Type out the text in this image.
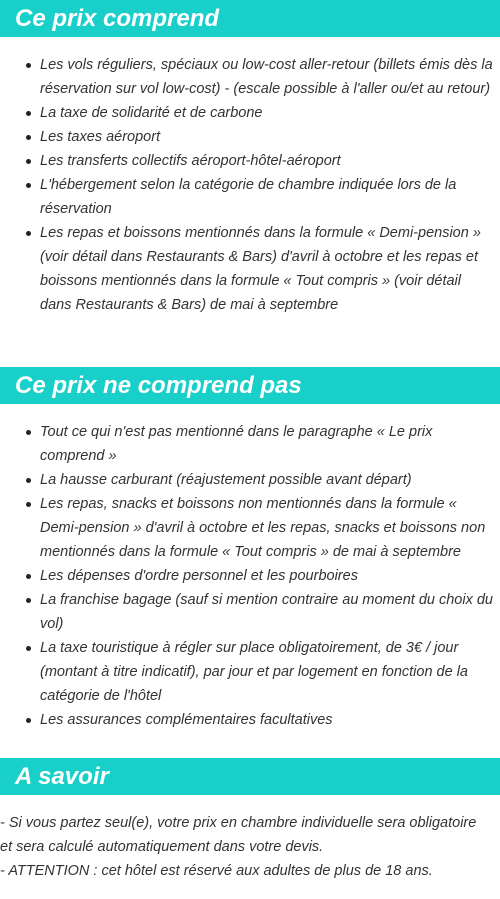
Ce prix comprend
Les vols réguliers, spéciaux ou low-cost aller-retour (billets émis dès la réservation sur vol low-cost) - (escale possible à l'aller ou/et au retour)
La taxe de solidarité et de carbone
Les taxes aéroport
Les transferts collectifs aéroport-hôtel-aéroport
L'hébergement selon la catégorie de chambre indiquée lors de la réservation
Les repas et boissons mentionnés dans la formule « Demi-pension » (voir détail dans Restaurants & Bars) d'avril à octobre et les repas et boissons mentionnés dans la formule « Tout compris » (voir détail dans Restaurants & Bars) de mai à septembre
Ce prix ne comprend pas
Tout ce qui n'est pas mentionné dans le paragraphe « Le prix comprend »
La hausse carburant (réajustement possible avant départ)
Les repas, snacks et boissons non mentionnés dans la formule « Demi-pension » d'avril à octobre et les repas, snacks et boissons non mentionnés dans la formule « Tout compris » de mai à septembre
Les dépenses d'ordre personnel et les pourboires
La franchise bagage (sauf si mention contraire au moment du choix du vol)
La taxe touristique à régler sur place obligatoirement, de 3€ / jour (montant à titre indicatif), par jour et par logement en fonction de la catégorie de l'hôtel
Les assurances complémentaires facultatives
A savoir

- Si vous partez seul(e), votre prix en chambre individuelle sera obligatoire et sera calculé automatiquement dans votre devis.

- ATTENTION : cet hôtel est réservé aux adultes de plus de 18 ans.
